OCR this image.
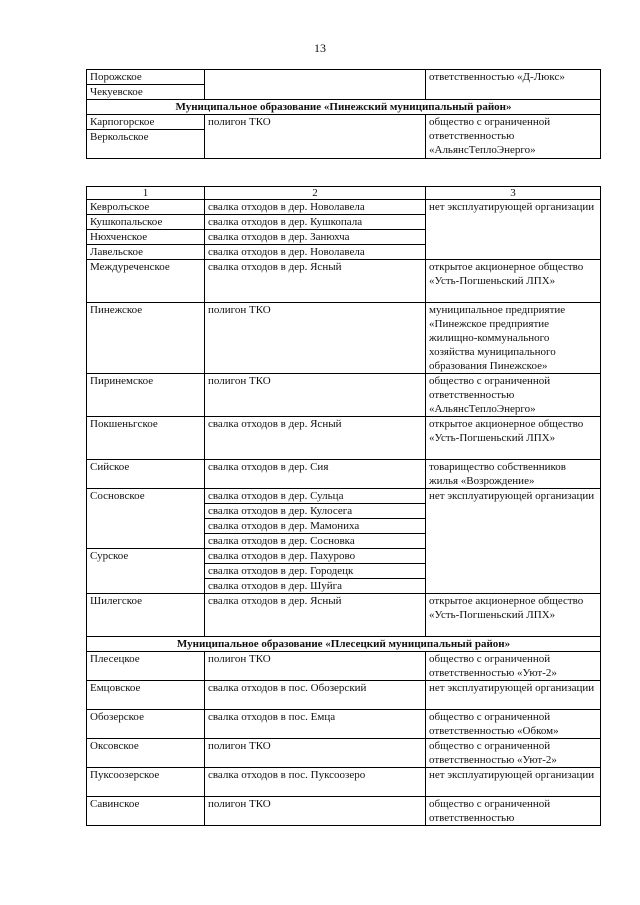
13
Порожское		ответственностью «Д-Люкс»
Чекуевское		
Муниципальное образование «Пинежский муниципальный район»		
Карпогорское	полигон ТКО	общество с ограниченной ответственностью «АльянсТеплоЭнерго»
Веркольское		
1	2	3
Кевролъское	свалка отходов в дер. Новолавела	нет эксплуатирующей организации
Кушкопальское	свалка отходов в дер. Кушкопала	
Нюхченское	свалка отходов в дер. Занюхча	
Лавельское	свалка отходов в дер. Новолавела	
Междуреченское	свалка отходов в дер. Ясный	открытое акционерное общество «Усть-Погшеньский ЛПХ»
Пинежское	полигон ТКО	муниципальное предприятие «Пинежское предприятие жилищно-коммунального хозяйства муниципального образования Пинежское»
Пиринемское	полигон ТКО	общество с ограниченной ответственностью «АльянсТеплоЭнерго»
Покшеньгское	свалка отходов в дер. Ясный	открытое акционерное общество «Усть-Погшеньский ЛПХ»
Сийское	свалка отходов в дер. Сия	товарищество собственников жилья «Возрождение»
Сосновское	свалка отходов в дер. Сульца	нет эксплуатирующей организации
	свалка отходов в дер. Кулосега	
	свалка отходов в дер. Мамониха	
	свалка отходов в дер. Сосновка	
Сурское	свалка отходов в дер. Пахурово	
	свалка отходов в дер. Городецк	
	свалка отходов в дер. Шуйга	
Шилегское	свалка отходов в дер. Ясный	открытое акционерное общество «Усть-Погшеньский ЛПХ»
Муниципальное образование «Плесецкий муниципальный район»		
Плесецкое	полигон ТКО	общество с ограниченной ответственностью «Уют-2»
Емцовское	свалка отходов в пос. Обозерский	нет эксплуатирующей организации
Обозерское	свалка отходов в пос. Емца	общество с ограниченной ответственностью «Обком»
Оксовское	полигон ТКО	общество с ограниченной ответственностью «Уют-2»
Пуксоозерское	свалка отходов в пос. Пуксоозеро	нет эксплуатирующей организации
Савинское	полигон ТКО	общество с ограниченной ответственностью
